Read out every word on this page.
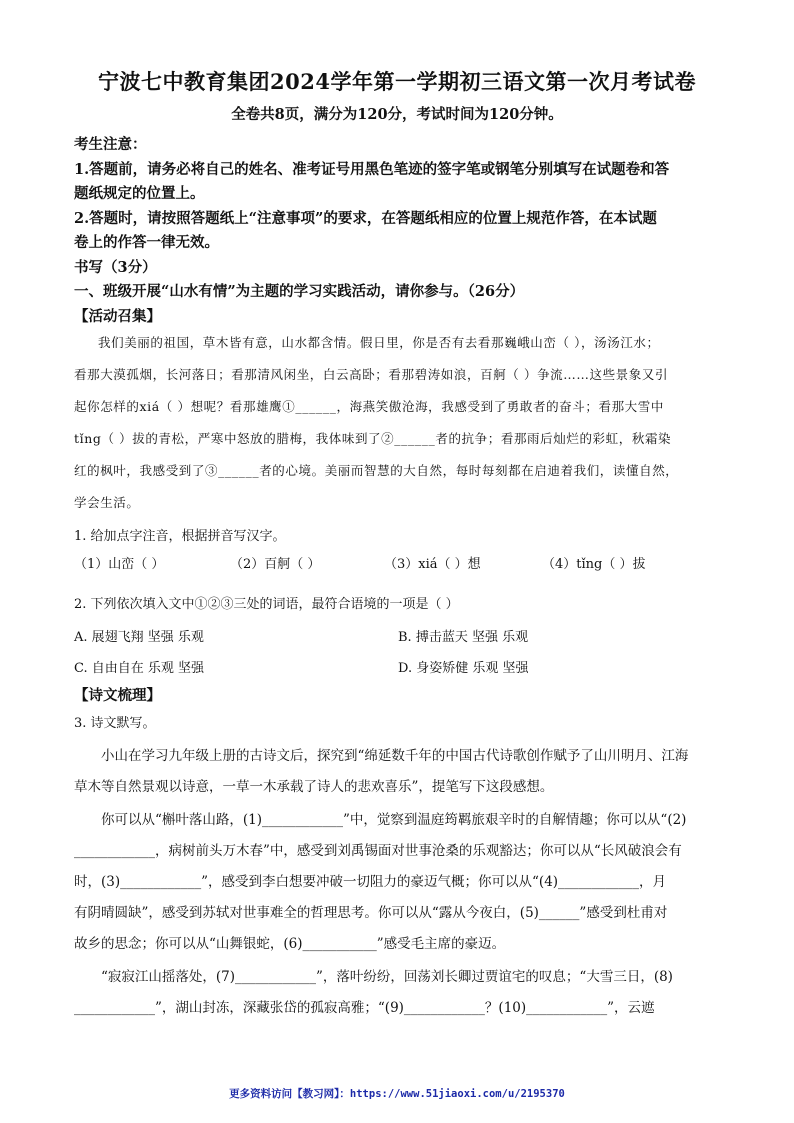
宁波七中教育集团2024学年第一学期初三语文第一次月考试卷
全卷共8页，满分为120分，考试时间为120分钟。
考生注意：
1.答题前，请务必将自己的姓名、准考证号用黑色笔迹的签字笔或钢笔分别填写在试题卷和答
题纸规定的位置上。
2.答题时，请按照答题纸上“注意事项”的要求，在答题纸相应的位置上规范作答，在本试题
卷上的作答一律无效。
书写（3分）
一、班级开展“山水有情”为主题的学习实践活动，请你参与。（26分）
【活动召集】
我们美丽的祖国，草木皆有意，山水都含情。假日里，你是否有去看那巍峨山峦（ ），汤汤江水；
看那大漠孤烟，长河落日；看那清风闲坐，白云高卧；看那碧涛如浪，百舸（ ）争流……这些景象又引
起你怎样的xiá（ ）想呢？看那雄鹰①______，海燕笑傲沧海，我感受到了勇敢者的奋斗；看那大雪中
tǐng（ ）拔的青松，严寒中怒放的腊梅，我体味到了②______者的抗争；看那雨后灿烂的彩虹，秋霜染
红的枫叶，我感受到了③______者的心境。美丽而智慧的大自然，每时每刻都在启迪着我们，读懂自然，
学会生活。
1. 给加点字注音，根据拼音写汉字。
（1）山峦（ ）	（2）百舸（ ）	（3）xiá（ ）想	（4）tǐng（ ）拔
2. 下列依次填入文中①②③三处的词语，最符合语境的一项是（ ）
A. 展翅飞翔 坚强 乐观	B. 搏击蓝天 坚强 乐观
C. 自由自在 乐观 坚强	D. 身姿矫健 乐观 坚强
【诗文梳理】
3. 诗文默写。
小山在学习九年级上册的古诗文后，探究到“绵延数千年的中国古代诗歌创作赋予了山川明月、江海
草木等自然景观以诗意，一草一木承载了诗人的悲欢喜乐”，提笔写下这段感想。
你可以从“槲叶落山路，(1)____________”中，觉察到温庭筠羁旅艰辛时的自解情趣；你可以从“(2)
____________，病树前头万木春”中，感受到刘禹锡面对世事沧桑的乐观豁达；你可以从“长风破浪会有
时，(3)____________”，感受到李白想要冲破一切阻力的豪迈气概；你可以从“(4)____________，月
有阴晴圆缺”，感受到苏轼对世事难全的哲理思考。你可以从“露从今夜白，(5)______”感受到杜甫对
故乡的思念；你可以从“山舞银蛇，(6)___________”感受毛主席的豪迈。
“寂寂江山摇落处，(7)____________”，落叶纷纷，回荡刘长卿过贾谊宅的叹息；“大雪三日，(8)
____________”，湖山封冻，深藏张岱的孤寂高雅；“(9)____________？(10)____________”，云遮
更多资料访问【教习网】：https://www.51jiaoxi.com/u/2195370
